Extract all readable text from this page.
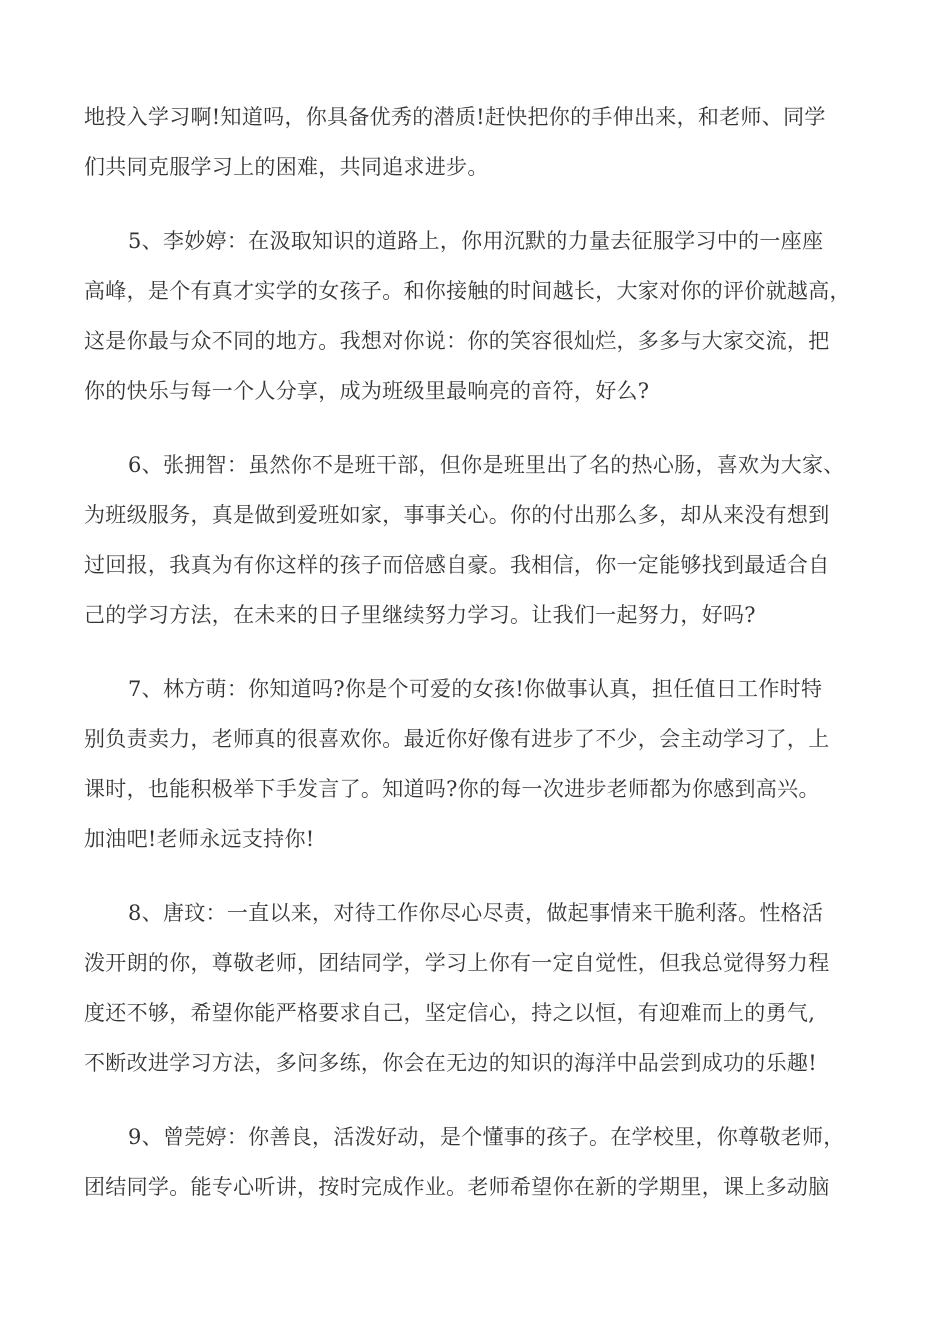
地投入学习啊!知道吗，你具备优秀的潜质!赶快把你的手伸出来，和老师、同学
们共同克服学习上的困难，共同追求进步。

5、李妙婷：在汲取知识的道路上，你用沉默的力量去征服学习中的一座座
高峰，是个有真才实学的女孩子。和你接触的时间越长，大家对你的评价就越高，
这是你最与众不同的地方。我想对你说：你的笑容很灿烂，多多与大家交流，把
你的快乐与每一个人分享，成为班级里最响亮的音符，好么?

6、张拥智：虽然你不是班干部，但你是班里出了名的热心肠，喜欢为大家、
为班级服务，真是做到爱班如家，事事关心。你的付出那么多，却从来没有想到
过回报，我真为有你这样的孩子而倍感自豪。我相信，你一定能够找到最适合自
己的学习方法，在未来的日子里继续努力学习。让我们一起努力，好吗?

7、林方萌：你知道吗?你是个可爱的女孩!你做事认真，担任值日工作时特
别负责卖力，老师真的很喜欢你。最近你好像有进步了不少，会主动学习了，上
课时，也能积极举下手发言了。知道吗?你的每一次进步老师都为你感到高兴。
加油吧!老师永远支持你!

8、唐玟：一直以来，对待工作你尽心尽责，做起事情来干脆利落。性格活
泼开朗的你，尊敬老师，团结同学，学习上你有一定自觉性，但我总觉得努力程
度还不够，希望你能严格要求自己，坚定信心，持之以恒，有迎难而上的勇气,
不断改进学习方法，多问多练，你会在无边的知识的海洋中品尝到成功的乐趣!

9、曾莞婷：你善良，活泼好动，是个懂事的孩子。在学校里，你尊敬老师，
团结同学。能专心听讲，按时完成作业。老师希望你在新的学期里，课上多动脑
